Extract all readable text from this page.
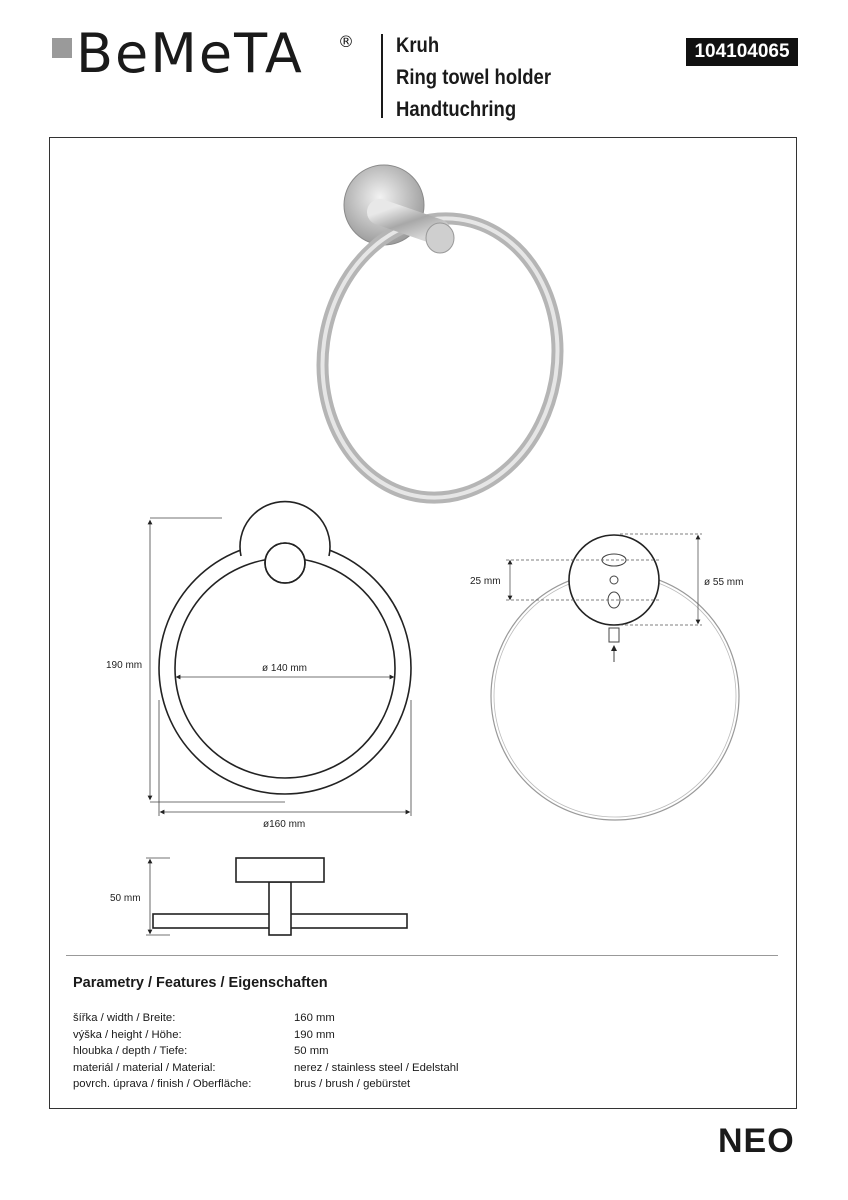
BeMeTA ® Kruh
Ring towel holder
Handtuchring
104104065
190 mm	ø 140 mm
ø160 mm
25 mm	ø 55 mm
50 mm
Parametry / Features / Eigenschaften
šířka / width / Breite:	160 mm
výška / height / Höhe:	190 mm
hloubka / depth / Tiefe:	50 mm
materiál / material / Material:	nerez / stainless steel / Edelstahl
povrch. úprava / finish / Oberfläche:	brus / brush / gebürstet
NEO
